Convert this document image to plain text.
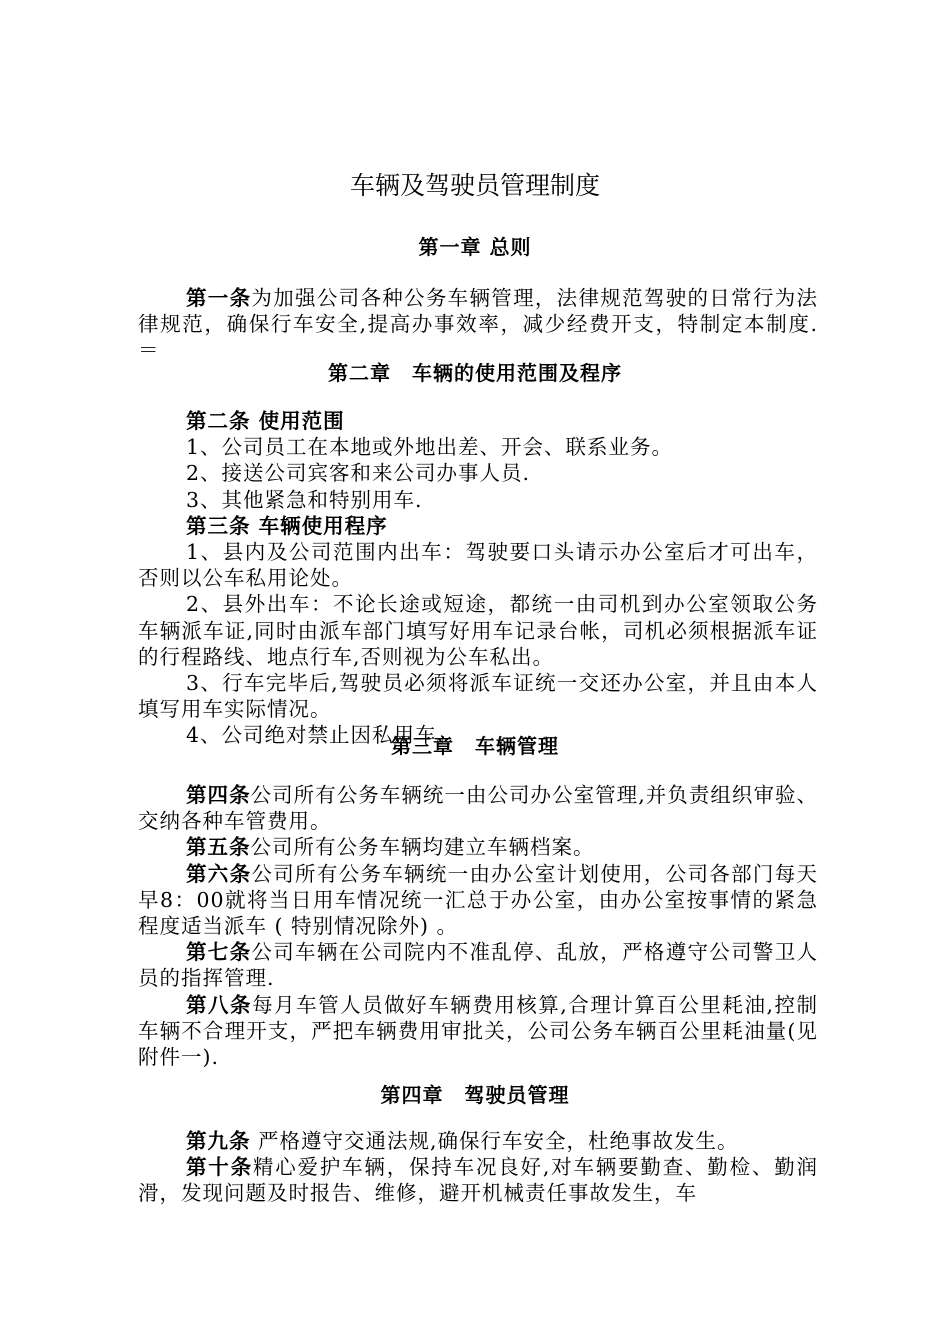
车辆及驾驶员管理制度
第一章 总则

第一条为加强公司各种公务车辆管理，法律规范驾驶的日常行为法律规范，确保行车安全,提高办事效率，减少经费开支，特制定本制度.＝

第二章　车辆的使用范围及程序

第二条 使用范围

1、公司员工在本地或外地出差、开会、联系业务。

2、接送公司宾客和来公司办事人员.

3、其他紧急和特别用车.

第三条 车辆使用程序

1、县内及公司范围内出车：驾驶要口头请示办公室后才可出车，否则以公车私用论处。

2、县外出车：不论长途或短途，都统一由司机到办公室领取公务车辆派车证,同时由派车部门填写好用车记录台帐，司机必须根据派车证的行程路线、地点行车,否则视为公车私出。

3、行车完毕后,驾驶员必须将派车证统一交还办公室，并且由本人填写用车实际情况。

4、公司绝对禁止因私用车。

第三章　车辆管理

第四条公司所有公务车辆统一由公司办公室管理,并负责组织审验、交纳各种车管费用。

第五条公司所有公务车辆均建立车辆档案。

第六条公司所有公务车辆统一由办公室计划使用，公司各部门每天早8：00就将当日用车情况统一汇总于办公室，由办公室按事情的紧急程度适当派车 ( 特别情况除外) 。

第七条公司车辆在公司院内不准乱停、乱放，严格遵守公司警卫人员的指挥管理.

第八条每月车管人员做好车辆费用核算,合理计算百公里耗油,控制车辆不合理开支，严把车辆费用审批关，公司公务车辆百公里耗油量(见附件一).

第四章　驾驶员管理

第九条 严格遵守交通法规,确保行车安全，杜绝事故发生。

第十条精心爱护车辆，保持车况良好,对车辆要勤查、勤检、勤润滑，发现问题及时报告、维修，避开机械责任事故发生，车
